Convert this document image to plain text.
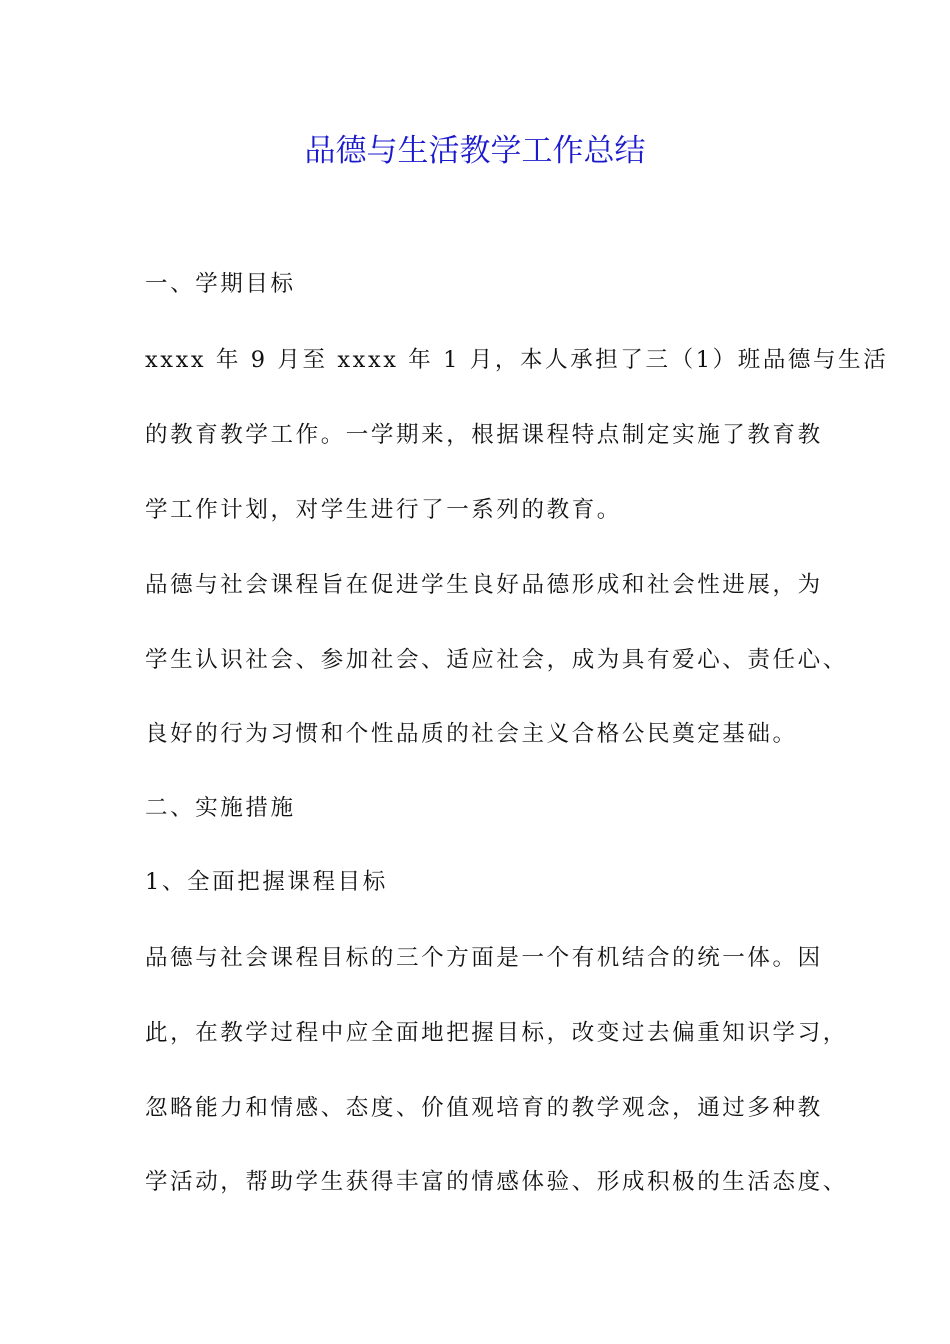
品德与生活教学工作总结
一、学期目标
xxxx 年 9 月至 xxxx 年 1 月，本人承担了三（1）班品德与生活
的教育教学工作。一学期来，根据课程特点制定实施了教育教
学工作计划，对学生进行了一系列的教育。
品德与社会课程旨在促进学生良好品德形成和社会性进展，为
学生认识社会、参加社会、适应社会，成为具有爱心、责任心、
良好的行为习惯和个性品质的社会主义合格公民奠定基础。
二、实施措施
1、全面把握课程目标
品德与社会课程目标的三个方面是一个有机结合的统一体。因
此，在教学过程中应全面地把握目标，改变过去偏重知识学习，
忽略能力和情感、态度、价值观培育的教学观念，通过多种教
学活动，帮助学生获得丰富的情感体验、形成积极的生活态度、
